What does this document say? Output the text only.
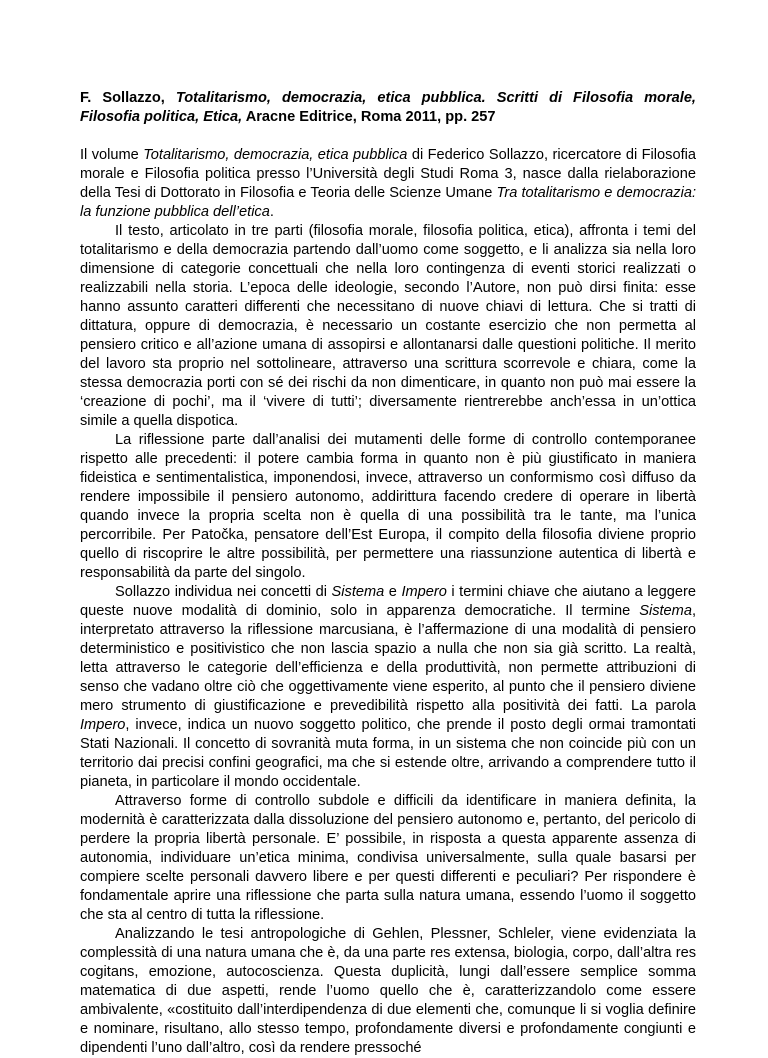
F. Sollazzo, Totalitarismo, democrazia, etica pubblica. Scritti di Filosofia morale, Filosofia politica, Etica, Aracne Editrice, Roma 2011, pp. 257

Il volume Totalitarismo, democrazia, etica pubblica di Federico Sollazzo, ricercatore di Filosofia morale e Filosofia politica presso l’Università degli Studi Roma 3, nasce dalla rielaborazione della Tesi di Dottorato in Filosofia e Teoria delle Scienze Umane Tra totalitarismo e democrazia: la funzione pubblica dell’etica.

Il testo, articolato in tre parti (filosofia morale, filosofia politica, etica), affronta i temi del totalitarismo e della democrazia partendo dall’uomo come soggetto, e li analizza sia nella loro dimensione di categorie concettuali che nella loro contingenza di eventi storici realizzati o realizzabili nella storia. L’epoca delle ideologie, secondo l’Autore, non può dirsi finita: esse hanno assunto caratteri differenti che necessitano di nuove chiavi di lettura. Che si tratti di dittatura, oppure di democrazia, è necessario un costante esercizio che non permetta al pensiero critico e all’azione umana di assopirsi e allontanarsi dalle questioni politiche. Il merito del lavoro sta proprio nel sottolineare, attraverso una scrittura scorrevole e chiara, come la stessa democrazia porti con sé dei rischi da non dimenticare, in quanto non può mai essere la ‘creazione di pochi’, ma il ‘vivere di tutti’; diversamente rientrerebbe anch’essa in un’ottica simile a quella dispotica.

La riflessione parte dall’analisi dei mutamenti delle forme di controllo contemporanee rispetto alle precedenti: il potere cambia forma in quanto non è più giustificato in maniera fideistica e sentimentalistica, imponendosi, invece, attraverso un conformismo così diffuso da rendere impossibile il pensiero autonomo, addirittura facendo credere di operare in libertà quando invece la propria scelta non è quella di una possibilità tra le tante, ma l’unica percorribile. Per Patočka, pensatore dell’Est Europa, il compito della filosofia diviene proprio quello di riscoprire le altre possibilità, per permettere una riassunzione autentica di libertà e responsabilità da parte del singolo.

Sollazzo individua nei concetti di Sistema e Impero i termini chiave che aiutano a leggere queste nuove modalità di dominio, solo in apparenza democratiche. Il termine Sistema, interpretato attraverso la riflessione marcusiana, è l’affermazione di una modalità di pensiero deterministico e positivistico che non lascia spazio a nulla che non sia già scritto. La realtà, letta attraverso le categorie dell’efficienza e della produttività, non permette attribuzioni di senso che vadano oltre ciò che oggettivamente viene esperito, al punto che il pensiero diviene mero strumento di giustificazione e prevedibilità rispetto alla positività dei fatti. La parola Impero, invece, indica un nuovo soggetto politico, che prende il posto degli ormai tramontati Stati Nazionali. Il concetto di sovranità muta forma, in un sistema che non coincide più con un territorio dai precisi confini geografici, ma che si estende oltre, arrivando a comprendere tutto il pianeta, in particolare il mondo occidentale.

Attraverso forme di controllo subdole e difficili da identificare in maniera definita, la modernità è caratterizzata dalla dissoluzione del pensiero autonomo e, pertanto, del pericolo di perdere la propria libertà personale. E’ possibile, in risposta a questa apparente assenza di autonomia, individuare un’etica minima, condivisa universalmente, sulla quale basarsi per compiere scelte personali davvero libere e per questi differenti e peculiari? Per rispondere è fondamentale aprire una riflessione che parta sulla natura umana, essendo l’uomo il soggetto che sta al centro di tutta la riflessione.

Analizzando le tesi antropologiche di Gehlen, Plessner, Schleler, viene evidenziata la complessità di una natura umana che è, da una parte res extensa, biologia, corpo, dall’altra res cogitans, emozione, autocoscienza. Questa duplicità, lungi dall’essere semplice somma matematica di due aspetti, rende l’uomo quello che è, caratterizzandolo come essere ambivalente, «costituito dall’interdipendenza di due elementi che, comunque li si voglia definire e nominare, risultano, allo stesso tempo, profondamente diversi e profondamente congiunti e dipendenti l’uno dall’altro, così da rendere pressoché
